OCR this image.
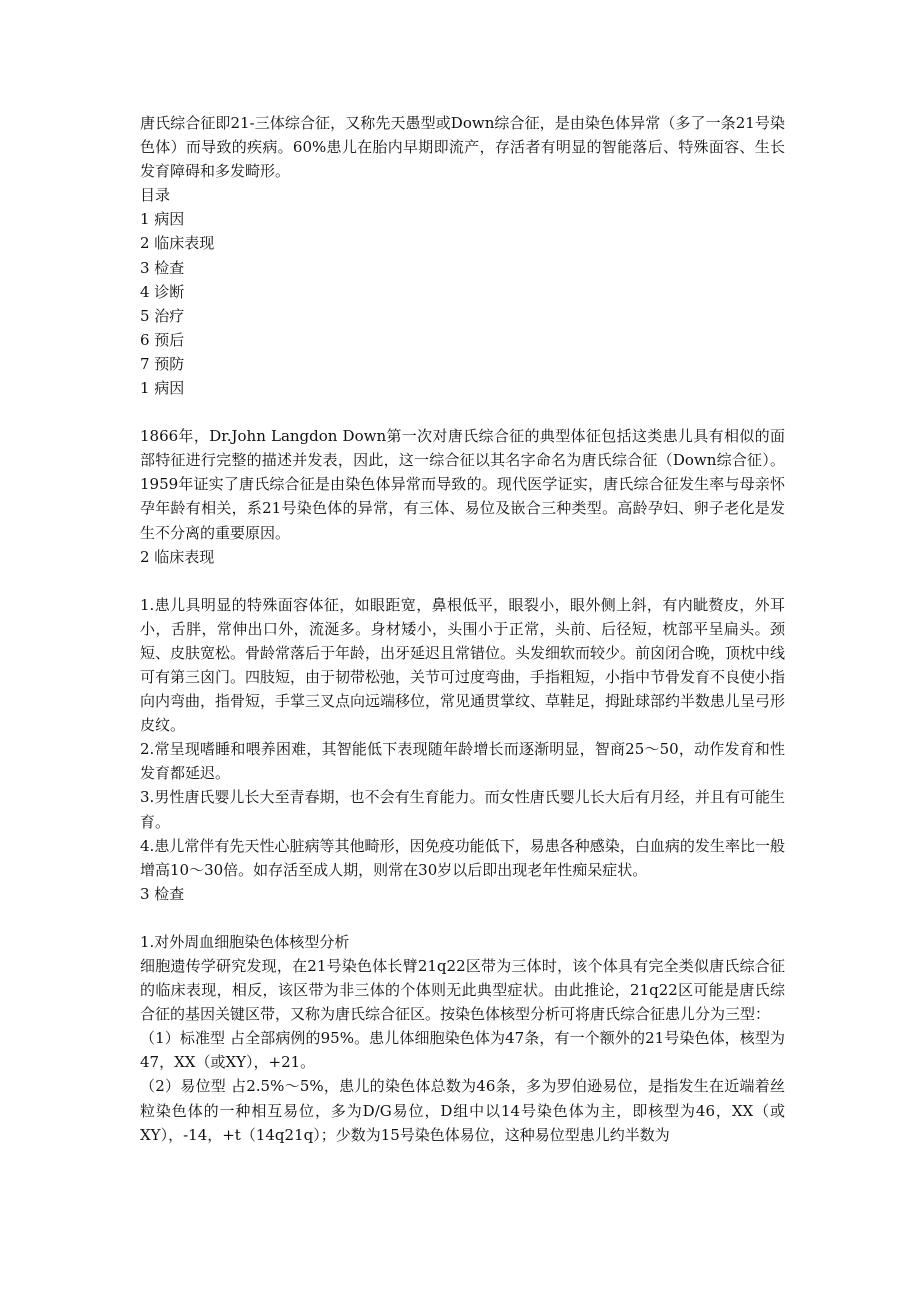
唐氏综合征即21-三体综合征，又称先天愚型或Down综合征，是由染色体异常（多了一条21号染色体）而导致的疾病。60%患儿在胎内早期即流产，存活者有明显的智能落后、特殊面容、生长发育障碍和多发畸形。

目录

1 病因

2 临床表现

3 检查

4 诊断

5 治疗

6 预后

7 预防

1 病因

1866年，Dr.John Langdon Down第一次对唐氏综合征的典型体征包括这类患儿具有相似的面部特征进行完整的描述并发表，因此，这一综合征以其名字命名为唐氏综合征（Down综合征）。 1959年证实了唐氏综合征是由染色体异常而导致的。现代医学证实，唐氏综合征发生率与母亲怀孕年龄有相关，系21号染色体的异常，有三体、易位及嵌合三种类型。高龄孕妇、卵子老化是发生不分离的重要原因。

2 临床表现

1.患儿具明显的特殊面容体征，如眼距宽，鼻根低平，眼裂小，眼外侧上斜，有内眦赘皮，外耳小，舌胖，常伸出口外，流涎多。身材矮小，头围小于正常，头前、后径短，枕部平呈扁头。颈短、皮肤宽松。骨龄常落后于年龄，出牙延迟且常错位。头发细软而较少。前囟闭合晚，顶枕中线可有第三囟门。四肢短，由于韧带松弛，关节可过度弯曲，手指粗短，小指中节骨发育不良使小指向内弯曲，指骨短，手掌三叉点向远端移位，常见通贯掌纹、草鞋足，拇趾球部约半数患儿呈弓形皮纹。

2.常呈现嗜睡和喂养困难，其智能低下表现随年龄增长而逐渐明显，智商25～50，动作发育和性发育都延迟。

3.男性唐氏婴儿长大至青春期，也不会有生育能力。而女性唐氏婴儿长大后有月经，并且有可能生育。

4.患儿常伴有先天性心脏病等其他畸形，因免疫功能低下，易患各种感染，白血病的发生率比一般增高10～30倍。如存活至成人期，则常在30岁以后即出现老年性痴呆症状。

3 检查

1.对外周血细胞染色体核型分析

细胞遗传学研究发现，在21号染色体长臂21q22区带为三体时，该个体具有完全类似唐氏综合征的临床表现，相反，该区带为非三体的个体则无此典型症状。由此推论，21q22区可能是唐氏综合征的基因关键区带，又称为唐氏综合征区。按染色体核型分析可将唐氏综合征患儿分为三型：

（1）标准型 占全部病例的95%。患儿体细胞染色体为47条，有一个额外的21号染色体，核型为47，XX（或XY），+21。

（2）易位型 占2.5%～5%，患儿的染色体总数为46条，多为罗伯逊易位，是指发生在近端着丝粒染色体的一种相互易位，多为D/G易位，D组中以14号染色体为主，即核型为46，XX（或XY），-14，+t（14q21q）；少数为15号染色体易位，这种易位型患儿约半数为
